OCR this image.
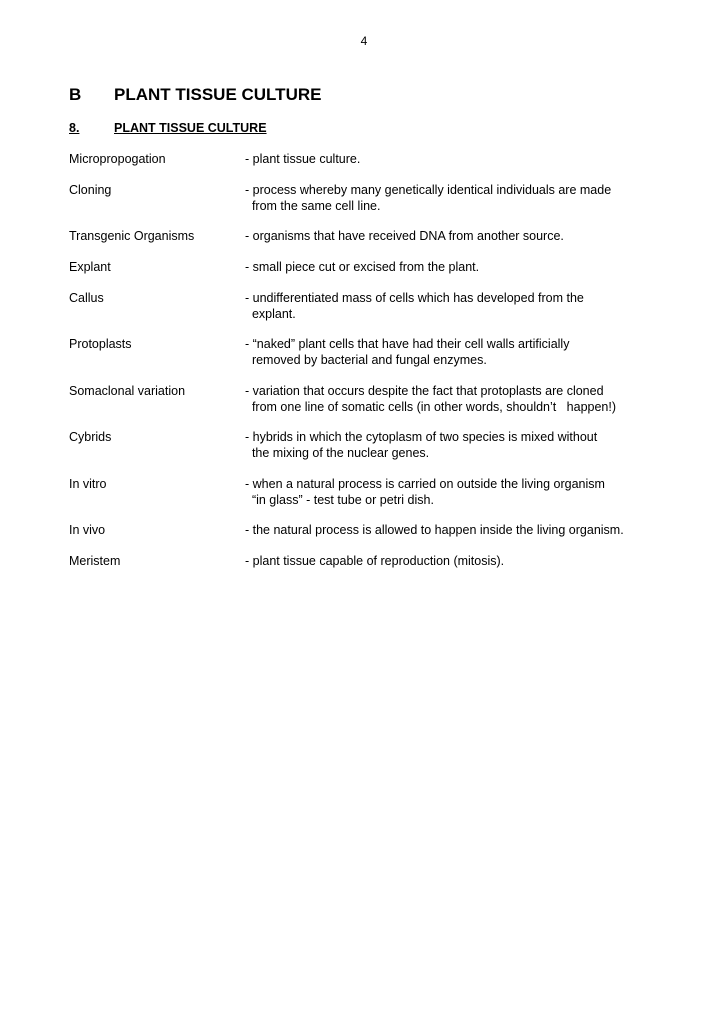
4
B	PLANT TISSUE CULTURE
8.	PLANT TISSUE CULTURE
Micropropogation	- plant tissue culture.
Cloning	- process whereby many genetically identical individuals are made
from the same cell line.
Transgenic Organisms	- organisms that have received DNA from another source.
Explant	- small piece cut or excised from the plant.
Callus	- undifferentiated mass of cells which has developed from the
explant.
Protoplasts	- “naked” plant cells that have had their cell walls artificially
removed by bacterial and fungal enzymes.
Somaclonal variation	- variation that occurs despite the fact that protoplasts are cloned
from one line of somatic cells (in other words, shouldn’t   happen!)
Cybrids	- hybrids in which the cytoplasm of two species is mixed without
the mixing of the nuclear genes.
In vitro	- when a natural process is carried on outside the living organism
“in glass” - test tube or petri dish.
In vivo	- the natural process is allowed to happen inside the living organism.
Meristem	- plant tissue capable of reproduction (mitosis).
